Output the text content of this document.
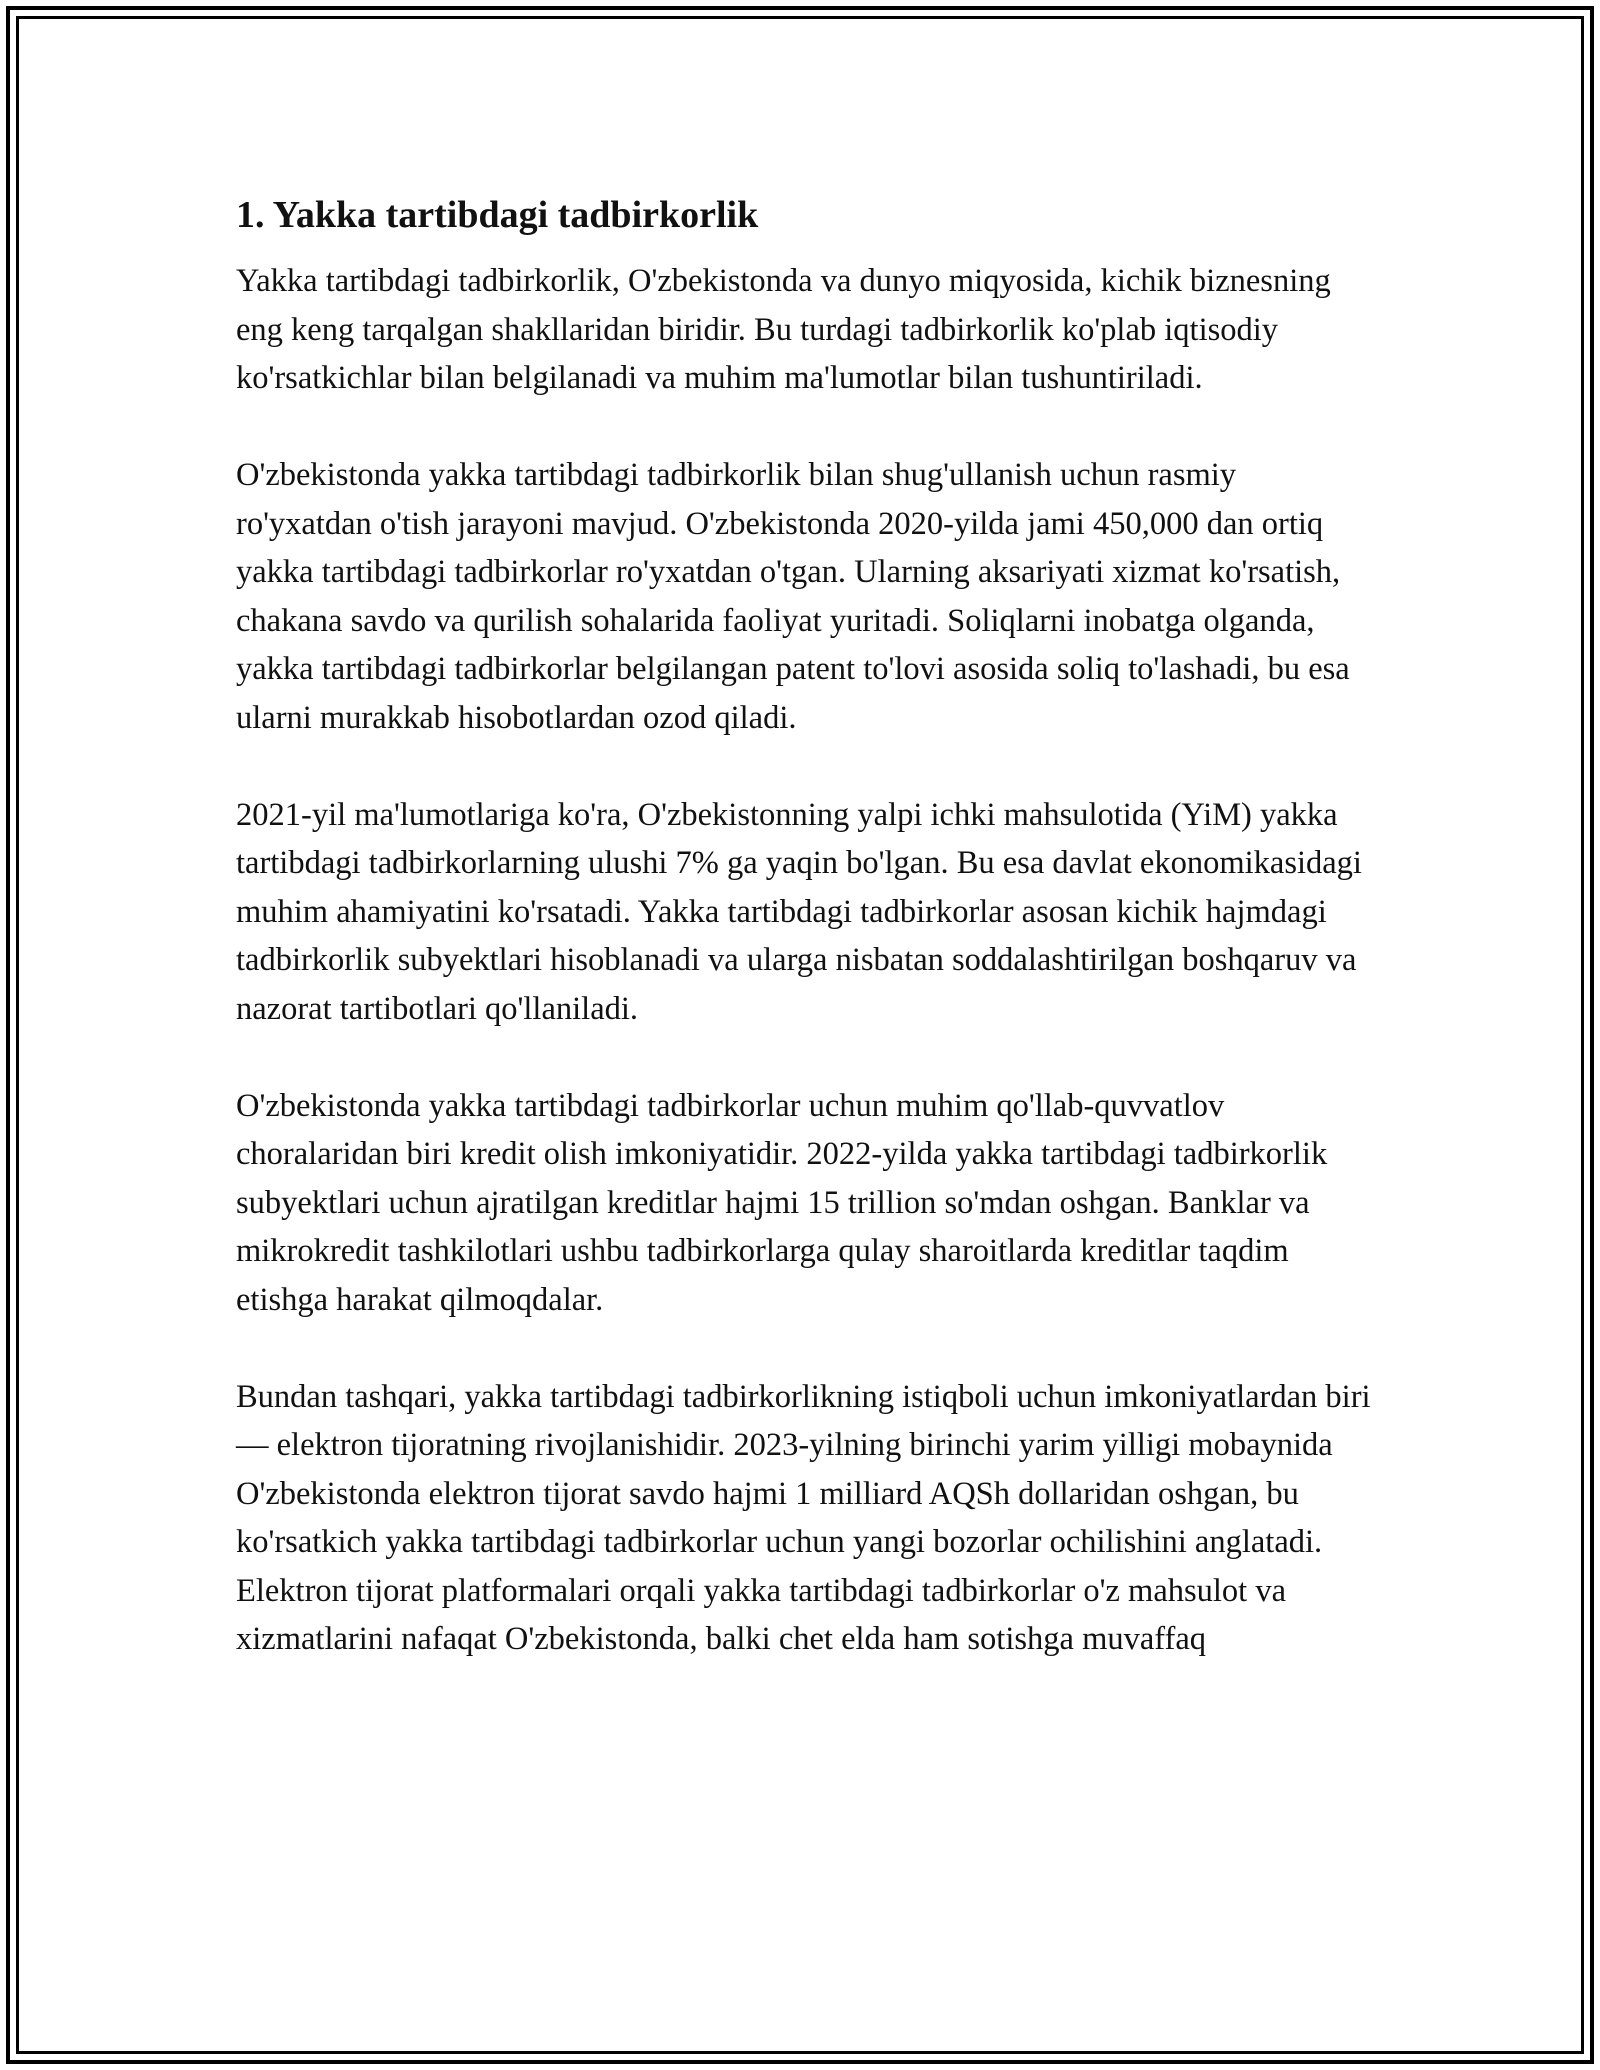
1. Yakka tartibdagi tadbirkorlik

Yakka tartibdagi tadbirkorlik, O'zbekistonda va dunyo miqyosida, kichik biznesning eng keng tarqalgan shakllaridan biridir. Bu turdagi tadbirkorlik ko'plab iqtisodiy ko'rsatkichlar bilan belgilanadi va muhim ma'lumotlar bilan tushuntiriladi.

O'zbekistonda yakka tartibdagi tadbirkorlik bilan shug'ullanish uchun rasmiy ro'yxatdan o'tish jarayoni mavjud. O'zbekistonda 2020-yilda jami 450,000 dan ortiq yakka tartibdagi tadbirkorlar ro'yxatdan o'tgan. Ularning aksariyati xizmat ko'rsatish, chakana savdo va qurilish sohalarida faoliyat yuritadi. Soliqlarni inobatga olganda, yakka tartibdagi tadbirkorlar belgilangan patent to'lovi asosida soliq to'lashadi, bu esa ularni murakkab hisobotlardan ozod qiladi.

2021-yil ma'lumotlariga ko'ra, O'zbekistonning yalpi ichki mahsulotida (YiM) yakka tartibdagi tadbirkorlarning ulushi 7% ga yaqin bo'lgan. Bu esa davlat ekonomikasidagi muhim ahamiyatini ko'rsatadi. Yakka tartibdagi tadbirkorlar asosan kichik hajmdagi tadbirkorlik subyektlari hisoblanadi va ularga nisbatan soddalashtirilgan boshqaruv va nazorat tartibotlari qo'llaniladi.

O'zbekistonda yakka tartibdagi tadbirkorlar uchun muhim qo'llab-quvvatlov choralaridan biri kredit olish imkoniyatidir. 2022-yilda yakka tartibdagi tadbirkorlik subyektlari uchun ajratilgan kreditlar hajmi 15 trillion so'mdan oshgan. Banklar va mikrokredit tashkilotlari ushbu tadbirkorlarga qulay sharoitlarda kreditlar taqdim etishga harakat qilmoqdalar.

Bundan tashqari, yakka tartibdagi tadbirkorlikning istiqboli uchun imkoniyatlardan biri — elektron tijoratning rivojlanishidir. 2023-yilning birinchi yarim yilligi mobaynida O'zbekistonda elektron tijorat savdo hajmi 1 milliard AQSh dollaridan oshgan, bu ko'rsatkich yakka tartibdagi tadbirkorlar uchun yangi bozorlar ochilishini anglatadi. Elektron tijorat platformalari orqali yakka tartibdagi tadbirkorlar o'z mahsulot va xizmatlarini nafaqat O'zbekistonda, balki chet elda ham sotishga muvaffaq
